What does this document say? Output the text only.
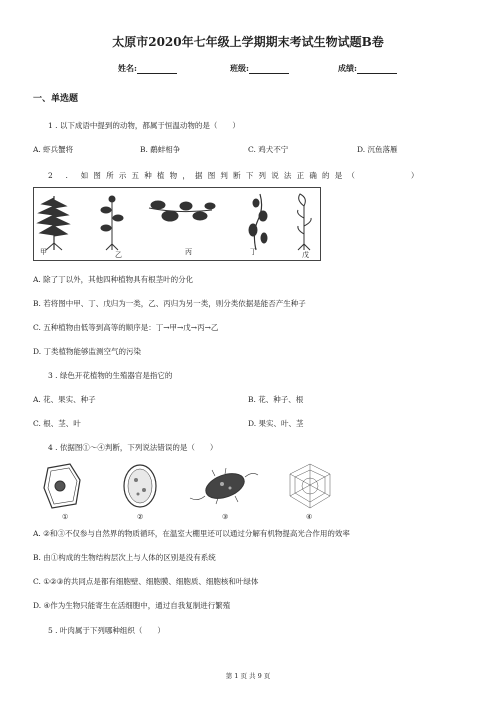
太原市2020年七年级上学期期末考试生物试题B卷
姓名:	班级:	成绩:
一、单选题
1 . 以下成语中提到的动物，都属于恒温动物的是（　　）
A. 虾兵蟹将	B. 鹬蚌相争	C. 鸡犬不宁	D. 沉鱼落雁
2 . 如图所示五种植物，据图判断下列说法正确的是（　　　　）
甲	乙	丙	丁	戊
A. 除了丁以外，其他四种植物具有根茎叶的分化
B. 若将图中甲、丁、戊归为一类，乙、丙归为另一类，则分类依据是能否产生种子
C. 五种植物由低等到高等的顺序是：丁→甲→戊→丙→乙
D. 丁类植物能够监测空气的污染
3 . 绿色开花植物的生殖器官是指它的
A. 花、果实、种子	B. 花、种子、根
C. 根、茎、叶	D. 果实、叶、茎
4 . 依据图①～④判断，下列说法错误的是（　　）
①	②	③	④
A. ②和③不仅参与自然界的物质循环，在温室大棚里还可以通过分解有机物提高光合作用的效率
B. 由①构成的生物结构层次上与人体的区别是没有系统
C. ①②③的共同点是都有细胞壁、细胞膜、细胞质、细胞核和叶绿体
D. ④作为生物只能寄生在活细胞中，通过自我复制进行繁殖
5 . 叶肉属于下列哪种组织（　　）
第 1 页 共 9 页
